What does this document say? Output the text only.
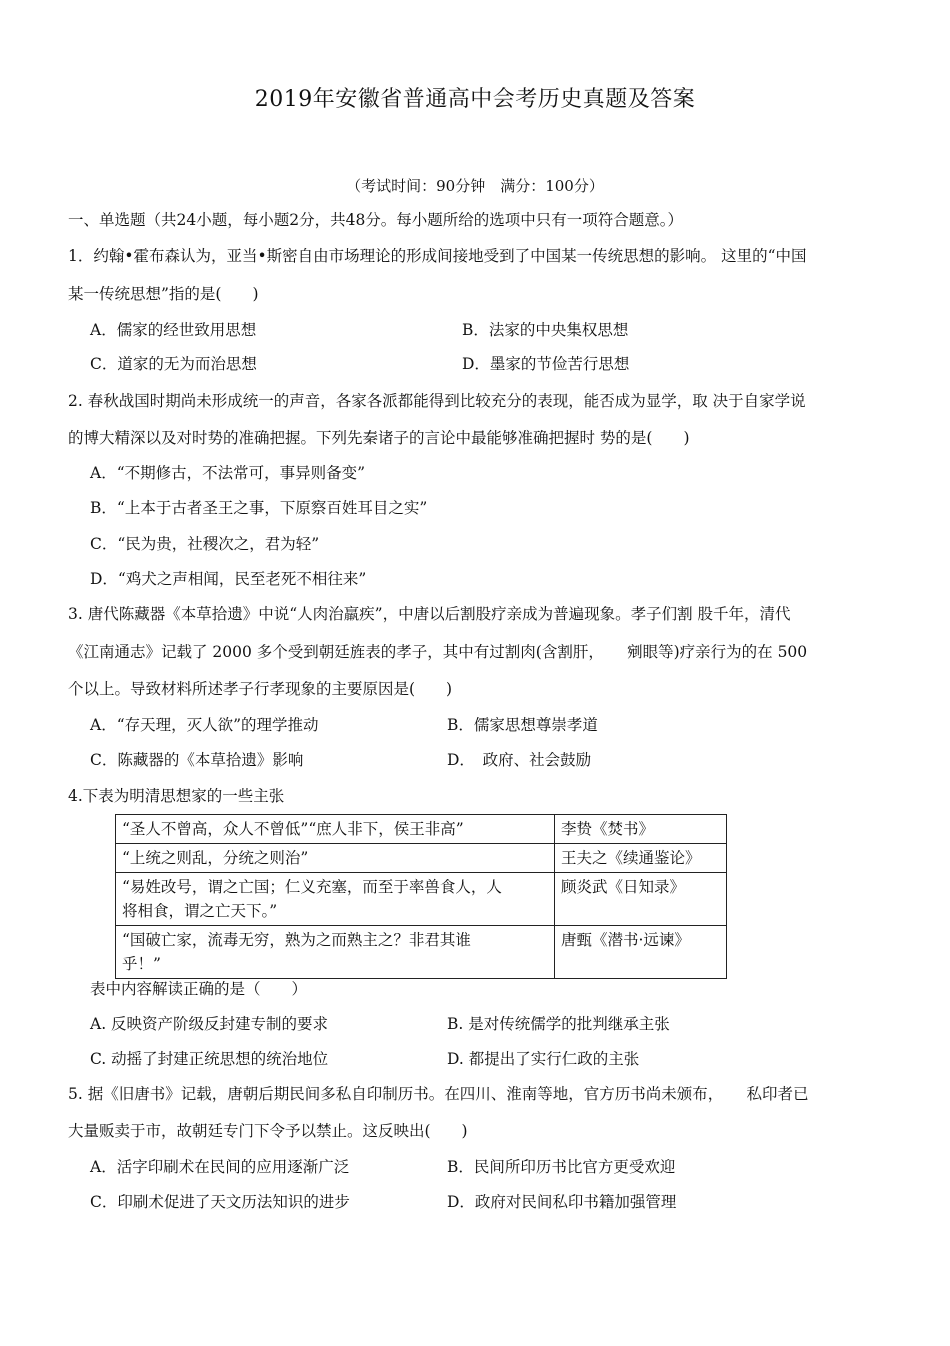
2019年安徽省普通高中会考历史真题及答案
（考试时间：90分钟　满分：100分）
一、单选题（共24小题，每小题2分，共48分。每小题所给的选项中只有一项符合题意。）
1．约翰•霍布森认为，亚当•斯密自由市场理论的形成间接地受到了中国某一传统思想的影响。 这里的“中国
某一传统思想”指的是(　　)
A．儒家的经世致用思想	B．法家的中央集权思想
C．道家的无为而治思想	D．墨家的节俭苦行思想
2. 春秋战国时期尚未形成统一的声音，各家各派都能得到比较充分的表现，能否成为显学，取 决于自家学说
的博大精深以及对时势的准确把握。下列先秦诸子的言论中最能够准确把握时 势的是(　　)
A．“不期修古，不法常可，事异则备变”
B．“上本于古者圣王之事，下原察百姓耳目之实”
C．“民为贵，社稷次之，君为轻”
D．“鸡犬之声相闻，民至老死不相往来”
3. 唐代陈藏器《本草拾遗》中说“人肉治羸疾”，中唐以后割股疗亲成为普遍现象。孝子们割 股千年，清代
《江南通志》记载了 2000 多个受到朝廷旌表的孝子，其中有过割肉(含割肝，　　剜眼等)疗亲行为的在 500
个以上。导致材料所述孝子行孝现象的主要原因是(　　)
A．“存天理，灭人欲”的理学推动	B．儒家思想尊崇孝道
C．陈藏器的《本草拾遗》影响	D．　政府、社会鼓励
4.下表为明清思想家的一些主张
“圣人不曾高，众人不曾低”“庶人非下，侯王非高”	李贽《焚书》
“上统之则乱，分统之则治”	王夫之《续通鉴论》
“易姓改号，谓之亡国；仁义充塞，而至于率兽食人，人
将相食，谓之亡天下。”	顾炎武《日知录》
“国破亡家，流毒无穷，熟为之而熟主之？非君其谁
乎！”	唐甄《潜书·远谏》
表中内容解读正确的是（　　）
A. 反映资产阶级反封建专制的要求	B. 是对传统儒学的批判继承主张
C. 动摇了封建正统思想的统治地位	D. 都提出了实行仁政的主张
5. 据《旧唐书》记载，唐朝后期民间多私自印制历书。在四川、淮南等地，官方历书尚未颁布，　　私印者已
大量贩卖于市，故朝廷专门下令予以禁止。这反映出(　　)
A．活字印刷术在民间的应用逐渐广泛	B．民间所印历书比官方更受欢迎
C．印刷术促进了天文历法知识的进步	D．政府对民间私印书籍加强管理
